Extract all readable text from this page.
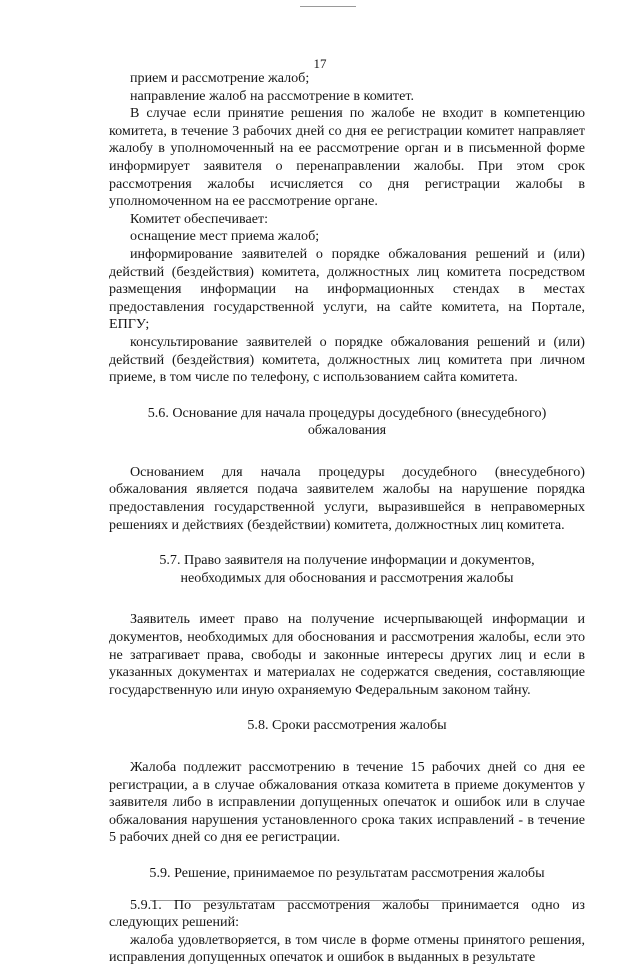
17

прием и рассмотрение жалоб;

направление жалоб на рассмотрение в комитет.

В случае если принятие решения по жалобе не входит в компетенцию комитета, в течение 3 рабочих дней со дня ее регистрации комитет направляет жалобу в уполномоченный на ее рассмотрение орган и в письменной форме информирует заявителя о перенаправлении жалобы. При этом срок рассмотрения жалобы исчисляется со дня регистрации жалобы в уполномоченном на ее рассмотрение органе.

Комитет обеспечивает:

оснащение мест приема жалоб;

информирование заявителей о порядке обжалования решений и (или) действий (бездействия) комитета, должностных лиц комитета посредством размещения информации на информационных стендах в местах предоставления государственной услуги, на сайте комитета, на Портале, ЕПГУ;

консультирование заявителей о порядке обжалования решений и (или) действий (бездействия) комитета, должностных лиц комитета при личном приеме, в том числе по телефону, с использованием сайта комитета.

5.6. Основание для начала процедуры досудебного (внесудебного) обжалования

Основанием для начала процедуры досудебного (внесудебного) обжалования является подача заявителем жалобы на нарушение порядка предоставления государственной услуги, выразившейся в неправомерных решениях и действиях (бездействии) комитета, должностных лиц комитета.

5.7. Право заявителя на получение информации и документов, необходимых для обоснования и рассмотрения жалобы

Заявитель имеет право на получение исчерпывающей информации и документов, необходимых для обоснования и рассмотрения жалобы, если это не затрагивает права, свободы и законные интересы других лиц и если в указанных документах и материалах не содержатся сведения, составляющие государственную или иную охраняемую Федеральным законом тайну.

5.8. Сроки рассмотрения жалобы

Жалоба подлежит рассмотрению в течение 15 рабочих дней со дня ее регистрации, а в случае обжалования отказа комитета в приеме документов у заявителя либо в исправлении допущенных опечаток и ошибок или в случае обжалования нарушения установленного срока таких исправлений - в течение 5 рабочих дней со дня ее регистрации.

5.9. Решение, принимаемое по результатам рассмотрения жалобы

5.9.1. По результатам рассмотрения жалобы принимается одно из следующих решений:

жалоба удовлетворяется, в том числе в форме отмены принятого решения, исправления допущенных опечаток и ошибок в выданных в результате
